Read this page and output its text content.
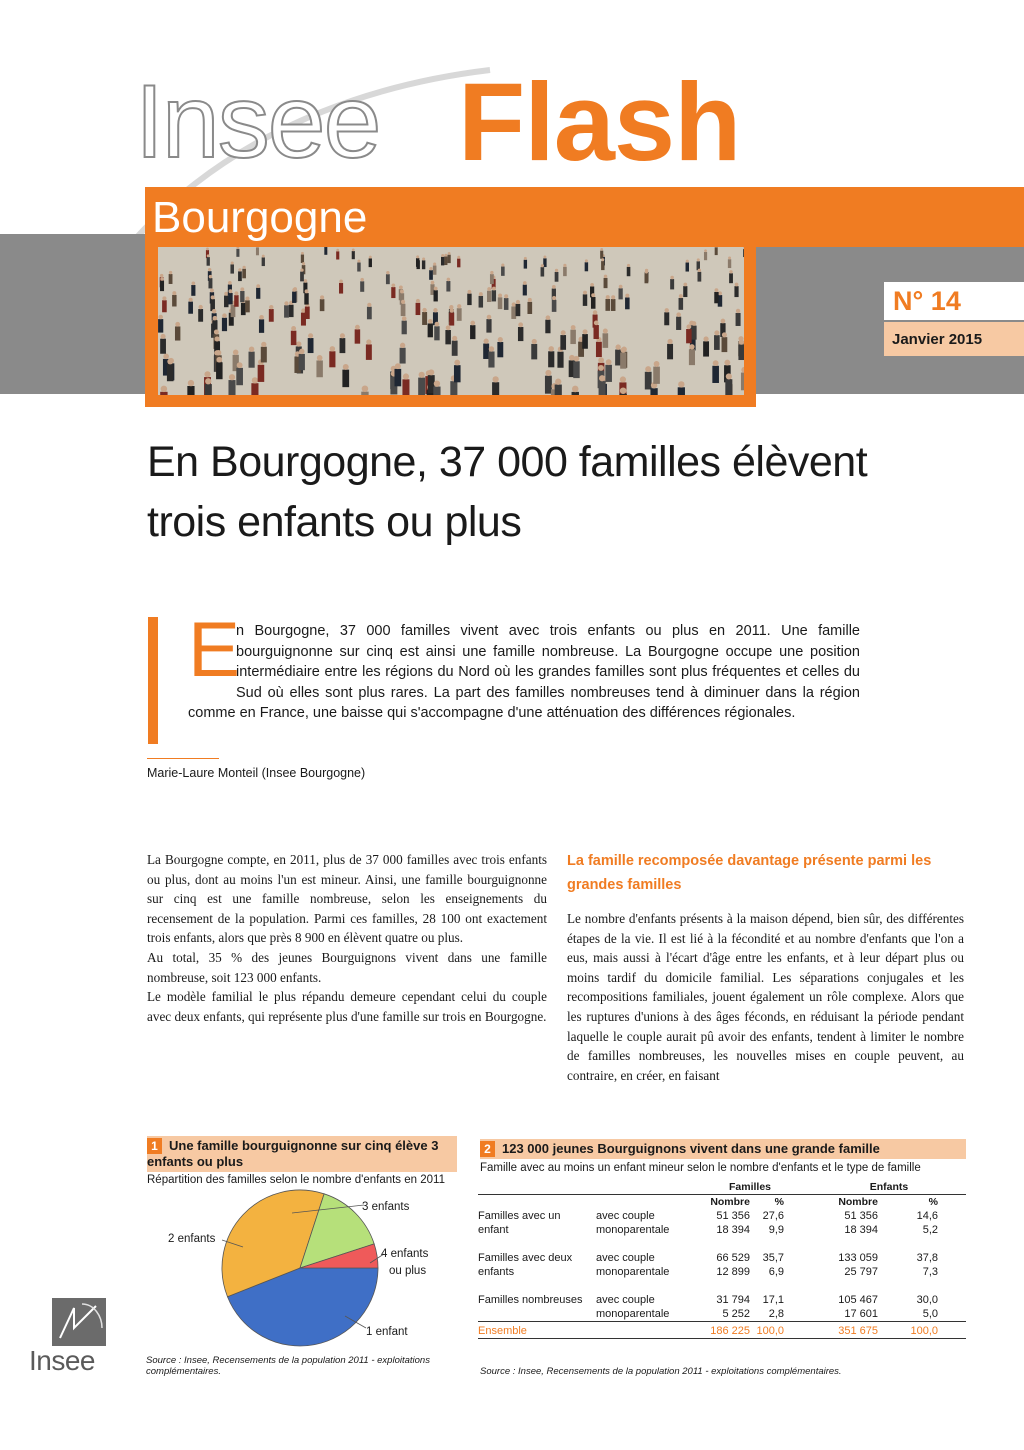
Insee Flash
Bourgogne
N° 14
Janvier 2015
En Bourgogne, 37 000 familles élèvent trois enfants ou plus
E
n Bourgogne, 37 000 familles vivent avec trois enfants ou plus en 2011. Une famille bourguignonne sur cinq est ainsi une famille nombreuse. La Bourgogne occupe une position intermédiaire entre les régions du Nord où les grandes familles sont plus fréquentes et celles du Sud où elles sont plus rares. La part des familles nombreuses tend à diminuer dans la région comme en France, une baisse qui s'accompagne d'une atténuation des différences régionales.
Marie-Laure Monteil (Insee Bourgogne)
La Bourgogne compte, en 2011, plus de 37 000 familles avec trois enfants ou plus, dont au moins l'un est mineur. Ainsi, une famille bourguignonne sur cinq est une famille nombreuse, selon les enseignements du recensement de la population. Parmi ces familles, 28 100 ont exactement trois enfants, alors que près 8 900 en élèvent quatre ou plus.
Au total, 35 % des jeunes Bourguignons vivent dans une famille nombreuse, soit 123 000 enfants.
Le modèle familial le plus répandu demeure cependant celui du couple avec deux enfants, qui représente plus d'une famille sur trois en Bourgogne.
La famille recomposée davantage présente parmi les grandes familles
Le nombre d'enfants présents à la maison dépend, bien sûr, des différentes étapes de la vie. Il est lié à la fécondité et au nombre d'enfants que l'on a eus, mais aussi à l'écart d'âge entre les enfants, et à leur départ plus ou moins tardif du domicile familial. Les séparations conjugales et les recompositions familiales, jouent également un rôle complexe. Alors que les ruptures d'unions à des âges féconds, en réduisant la période pendant laquelle le couple aurait pû avoir des enfants, tendent à limiter le nombre de familles nombreuses, les nouvelles mises en couple peuvent, au contraire, en créer, en faisant
1 Une famille bourguignonne sur cinq élève 3 enfants ou plus
Répartition des familles selon le nombre d'enfants en 2011
3 enfants
2 enfants
4 enfants
ou plus
1 enfant
Source : Insee, Recensements de la population 2011 - exploitations complémentaires.
2 123 000 jeunes Bourguignons vivent dans une grande famille
Famille avec au moins un enfant mineur selon le nombre d'enfants et le type de famille
		Familles		Enfants	
		Nombre	%	Nombre	%
Familles avec un	avec couple	51 356	27,6	51 356	14,6
enfant	monoparentale	18 394	9,9	18 394	5,2

Familles avec deux	avec couple	66 529	35,7	133 059	37,8
enfants	monoparentale	12 899	6,9	25 797	7,3

Familles nombreuses	avec couple	31 794	17,1	105 467	30,0
	monoparentale	5 252	2,8	17 601	5,0
Ensemble		186 225	100,0	351 675	100,0
Source : Insee, Recensements de la population 2011 - exploitations complémentaires.
Insee
